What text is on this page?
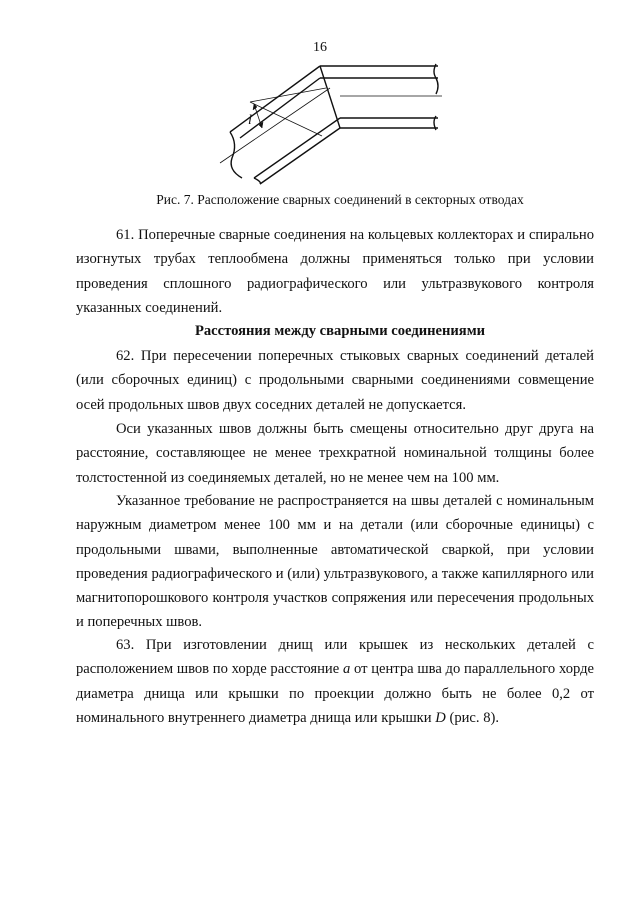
16
l
Рис. 7. Расположение сварных соединений в секторных отводах

61. Поперечные сварные соединения на кольцевых коллекторах и спирально изогнутых трубах теплообмена должны применяться только при условии проведения сплошного радиографического или ультразвукового контроля указанных соединений.

Расстояния между сварными соединениями

62. При пересечении поперечных стыковых сварных соединений деталей (или сборочных единиц) с продольными сварными соединениями совмещение осей продольных швов двух соседних деталей не допускается.

Оси указанных швов должны быть смещены относительно друг друга на расстояние, составляющее не менее трехкратной номинальной толщины более толстостенной из соединяемых деталей, но не менее чем на 100 мм.

Указанное требование не распространяется на швы деталей с номинальным наружным диаметром менее 100 мм и на детали (или сборочные единицы) с продольными швами, выполненные автоматической сваркой, при условии проведения радиографического и (или) ультразвукового, а также капиллярного или магнитопорошкового контроля участков сопряжения или пересечения продольных и поперечных швов.

63. При изготовлении днищ или крышек из нескольких деталей с расположением швов по хорде расстояние a от центра шва до параллельного хорде диаметра днища или крышки по проекции должно быть не более 0,2 от номинального внутреннего диаметра днища или крышки D (рис. 8).
